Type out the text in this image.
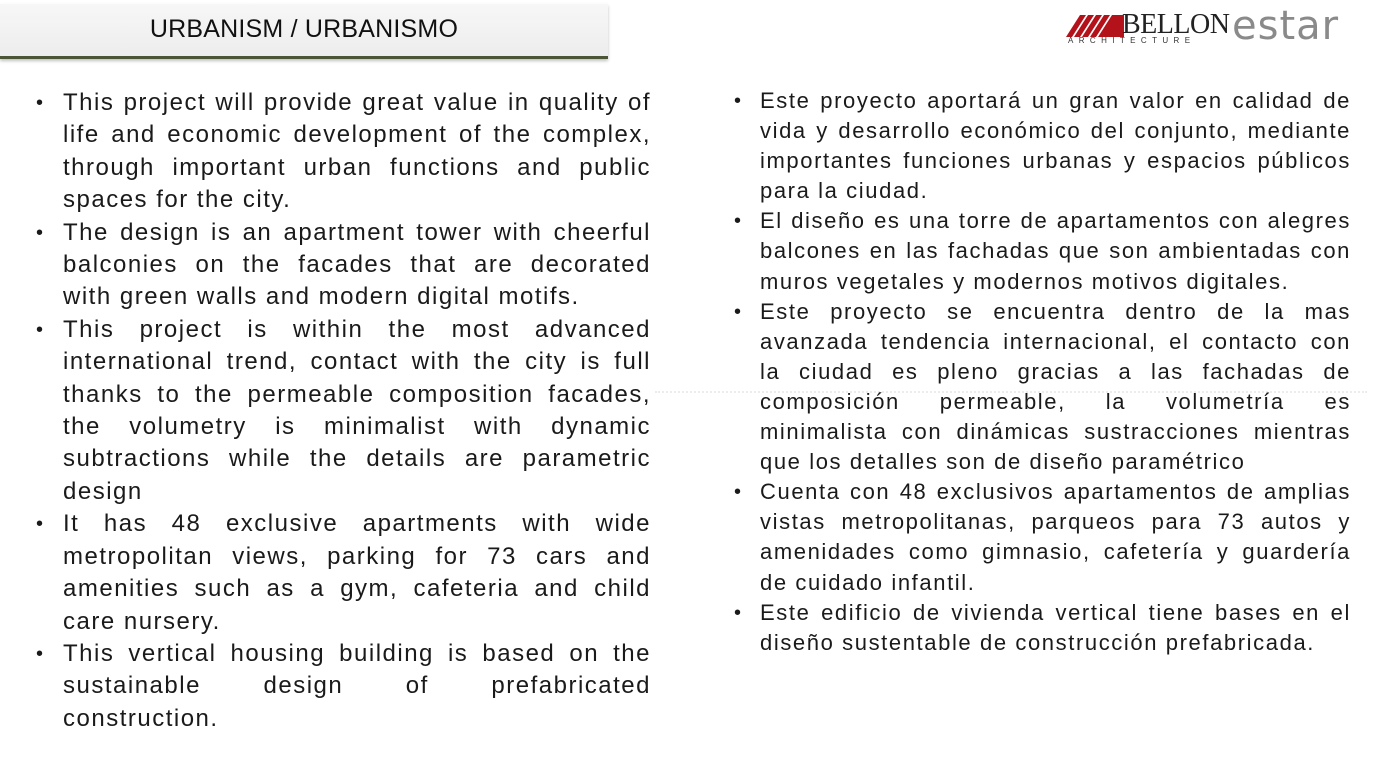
URBANISM / URBANISMO	BELLON
ARCHITECTURE estar
• This project will provide great value in quality of life and economic development of the complex, through important urban functions and public spaces for the city.
• The design is an apartment tower with cheerful balconies on the facades that are decorated with green walls and modern digital motifs.
• This project is within the most advanced international trend, contact with the city is full thanks to the permeable composition facades, the volumetry is minimalist with dynamic subtractions while the details are parametric design
• It has 48 exclusive apartments with wide metropolitan views, parking for 73 cars and amenities such as a gym, cafeteria and child care nursery.
• This vertical housing building is based on the sustainable design of prefabricated construction.
• Este proyecto aportará un gran valor en calidad de vida y desarrollo económico del conjunto, mediante importantes funciones urbanas y espacios públicos para la ciudad.
• El diseño es una torre de apartamentos con alegres balcones en las fachadas que son ambientadas con muros vegetales y modernos motivos digitales.
• Este proyecto se encuentra dentro de la mas avanzada tendencia internacional, el contacto con la ciudad es pleno gracias a las fachadas de composición permeable, la volumetría es minimalista con dinámicas sustracciones mientras que los detalles son de diseño paramétrico
• Cuenta con 48 exclusivos apartamentos de amplias vistas metropolitanas, parqueos para 73 autos y amenidades como gimnasio, cafetería y guardería de cuidado infantil.
• Este edificio de vivienda vertical tiene bases en el diseño sustentable de construcción prefabricada.
